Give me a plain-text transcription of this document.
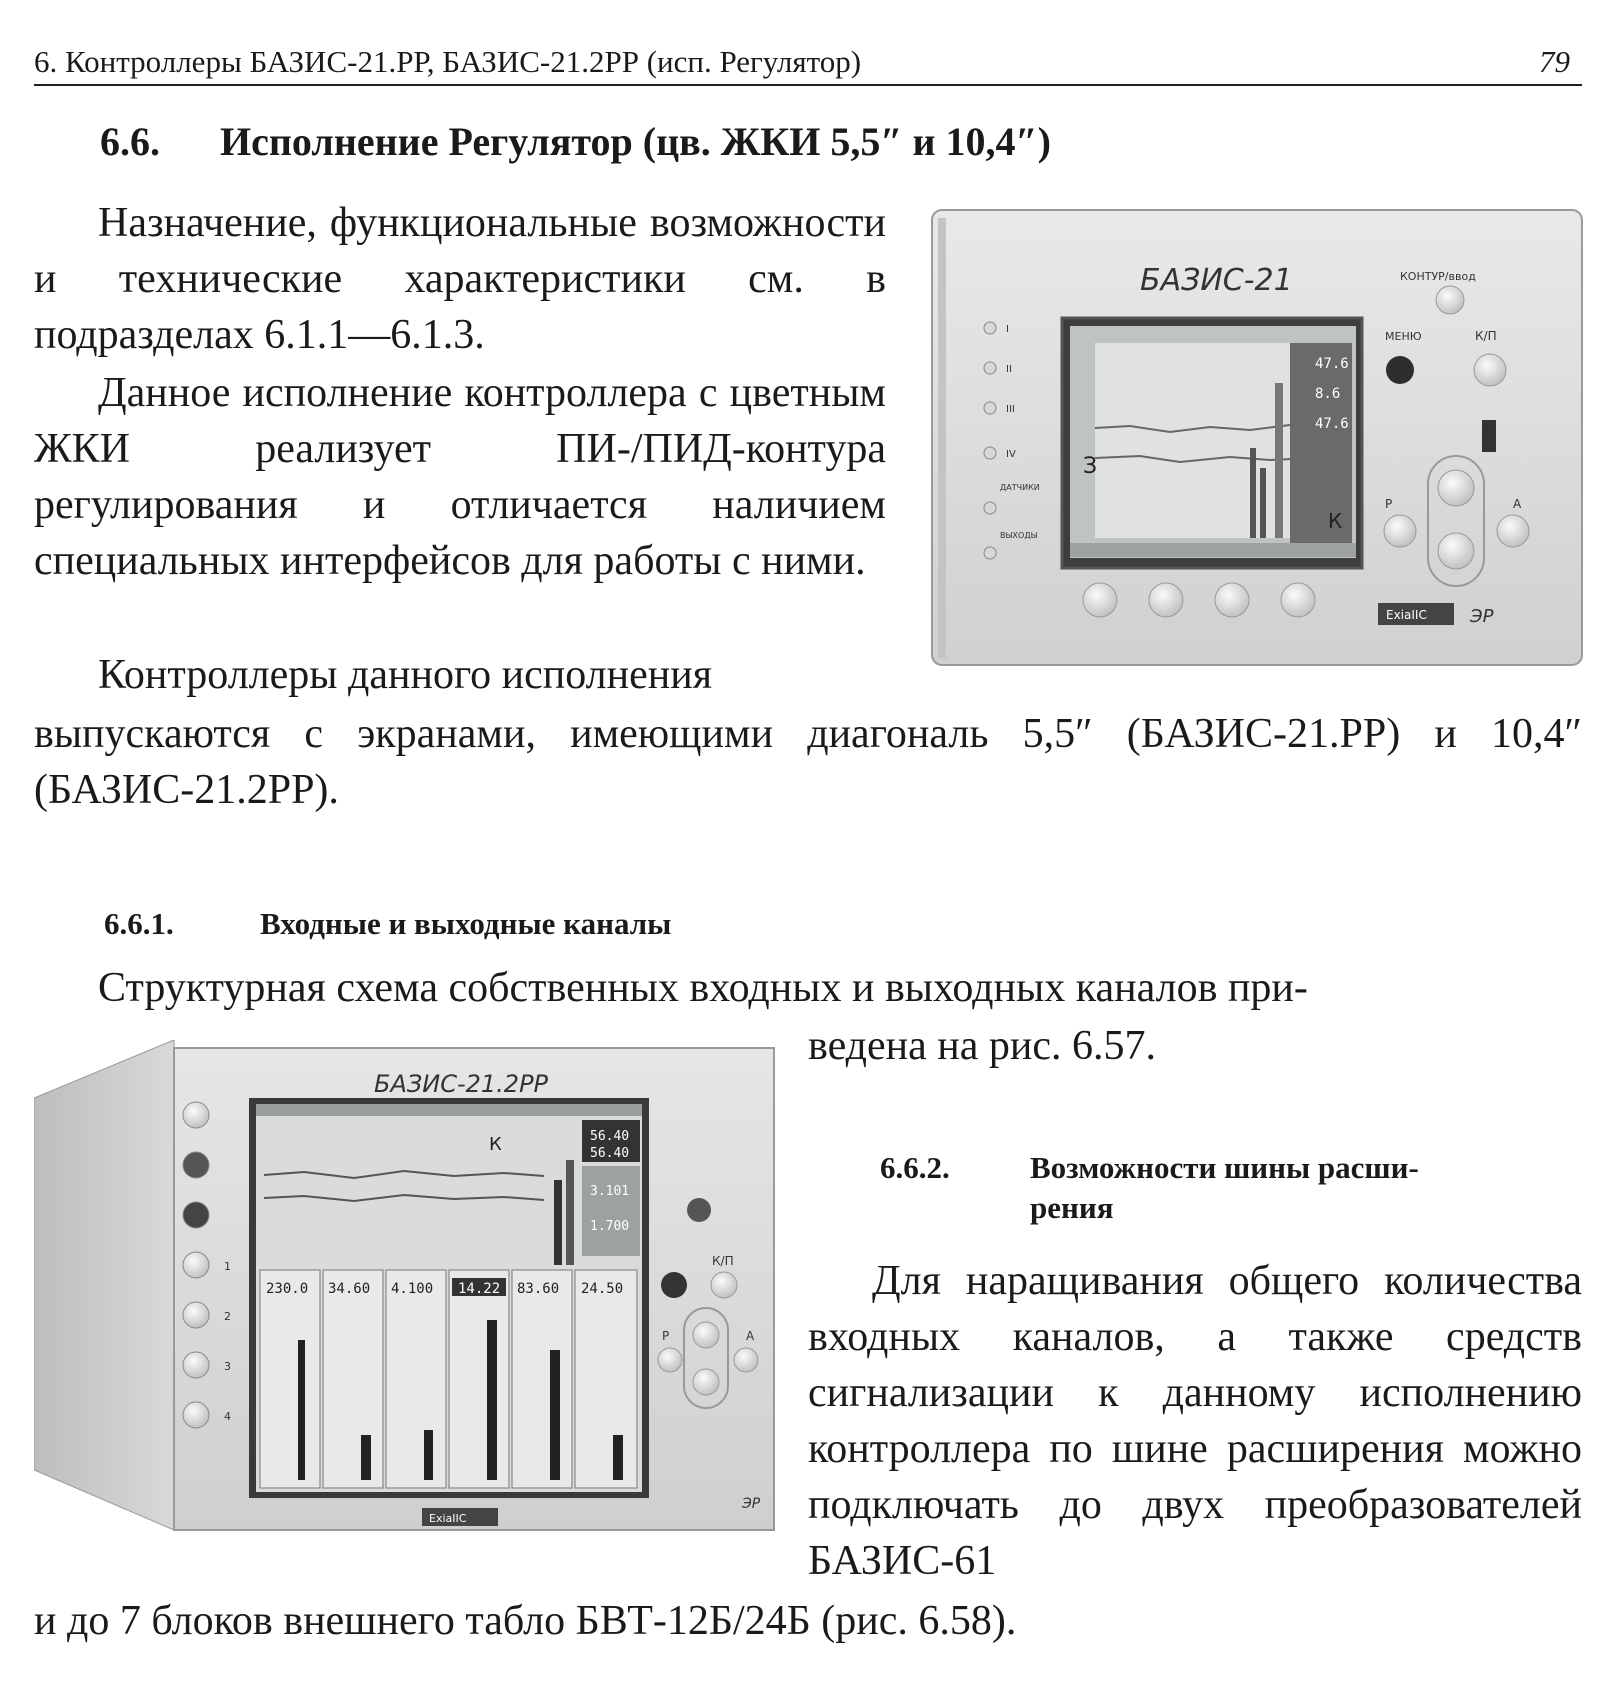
6. Контроллеры БАЗИС-21.РР, БАЗИС-21.2РР (исп. Регулятор)	79
6.6. Исполнение Регулятор (цв. ЖКИ 5,5″ и 10,4″)

Назначение, функциональные возможности и технические характеристики см. в подразделах 6.1.1—6.1.3.

Данное исполнение контроллера с цветным ЖКИ реализует ПИ-/ПИД-контура регулирования и отличается наличием специальных интерфейсов для работы с ними.

Контроллеры данного исполнения

выпускаются с экранами, имеющими диагональ 5,5″ (БАЗИС-21.РР) и 10,4″ (БАЗИС-21.2РР).

БАЗИС-21
47.6
8.6
47.6
З
К
I
II
III
IV
ДАТЧИКИ
ВЫХОДЫ
КОНТУР/ввод
МЕНЮ	К/П
Р	А
ExiaIIC ЭР
6.6.1.	Входные и выходные каналы

Структурная схема собственных входных и выходных каналов при-

ведена на рис. 6.57.

БАЗИС-21.2РР
К	56.40
56.40
3.101
1.700
230.0 34.60 4.100 14.22 83.60 24.50
1
2
3
4
К/П
Р	А
ExiaIIC
ЭР
6.6.2.	Возможности шины расши-
рения

Для наращивания общего количества входных каналов, а также средств сигнализации к данному исполнению контроллера по шине расширения можно подключать до двух преобразователей БАЗИС-61

и до 7 блоков внешнего табло БВТ-12Б/24Б (рис. 6.58).
